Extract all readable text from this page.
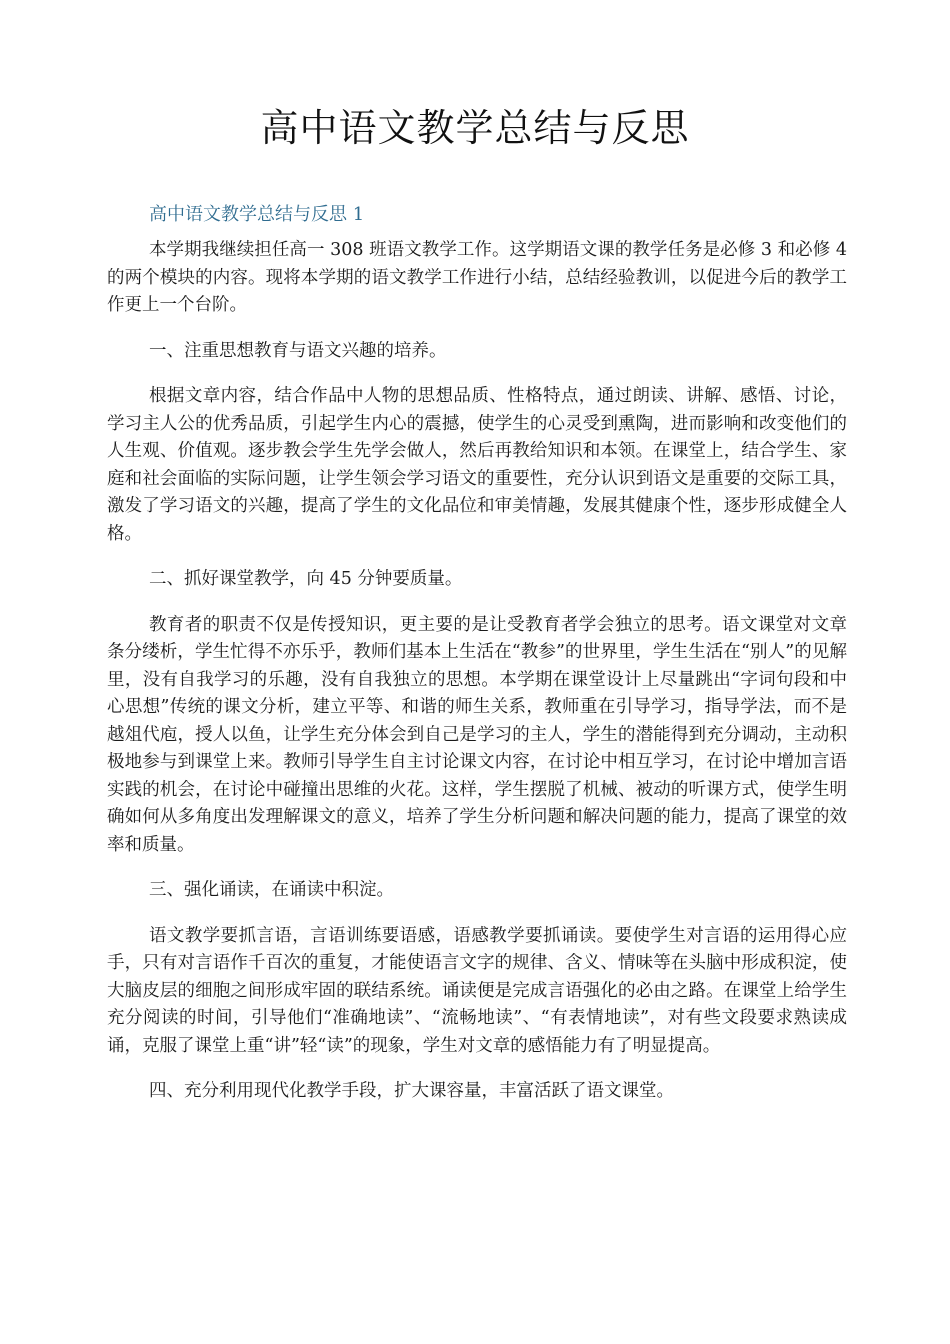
高中语文教学总结与反思

高中语文教学总结与反思 1

本学期我继续担任高一 308 班语文教学工作。这学期语文课的教学任务是必修 3 和必修 4 的两个模块的内容。现将本学期的语文教学工作进行小结，总结经验教训，以促进今后的教学工作更上一个台阶。

一、注重思想教育与语文兴趣的培养。

根据文章内容，结合作品中人物的思想品质、性格特点，通过朗读、讲解、感悟、讨论，学习主人公的优秀品质，引起学生内心的震撼，使学生的心灵受到熏陶，进而影响和改变他们的人生观、价值观。逐步教会学生先学会做人，然后再教给知识和本领。在课堂上，结合学生、家庭和社会面临的实际问题，让学生领会学习语文的重要性，充分认识到语文是重要的交际工具，激发了学习语文的兴趣，提高了学生的文化品位和审美情趣，发展其健康个性，逐步形成健全人格。

二、抓好课堂教学，向 45 分钟要质量。

教育者的职责不仅是传授知识，更主要的是让受教育者学会独立的思考。语文课堂对文章条分缕析，学生忙得不亦乐乎，教师们基本上生活在“教参”的世界里，学生生活在“别人”的见解里，没有自我学习的乐趣，没有自我独立的思想。本学期在课堂设计上尽量跳出“字词句段和中心思想”传统的课文分析，建立平等、和谐的师生关系，教师重在引导学习，指导学法，而不是越俎代庖，授人以鱼，让学生充分体会到自己是学习的主人，学生的潜能得到充分调动，主动积极地参与到课堂上来。教师引导学生自主讨论课文内容，在讨论中相互学习，在讨论中增加言语实践的机会，在讨论中碰撞出思维的火花。这样，学生摆脱了机械、被动的听课方式，使学生明确如何从多角度出发理解课文的意义，培养了学生分析问题和解决问题的能力，提高了课堂的效率和质量。

三、强化诵读，在诵读中积淀。

语文教学要抓言语，言语训练要语感，语感教学要抓诵读。要使学生对言语的运用得心应手，只有对言语作千百次的重复，才能使语言文字的规律、含义、情味等在头脑中形成积淀，使大脑皮层的细胞之间形成牢固的联结系统。诵读便是完成言语强化的必由之路。在课堂上给学生充分阅读的时间，引导他们“准确地读”、“流畅地读”、“有表情地读”，对有些文段要求熟读成诵，克服了课堂上重“讲”轻“读”的现象，学生对文章的感悟能力有了明显提高。

四、充分利用现代化教学手段，扩大课容量，丰富活跃了语文课堂。
